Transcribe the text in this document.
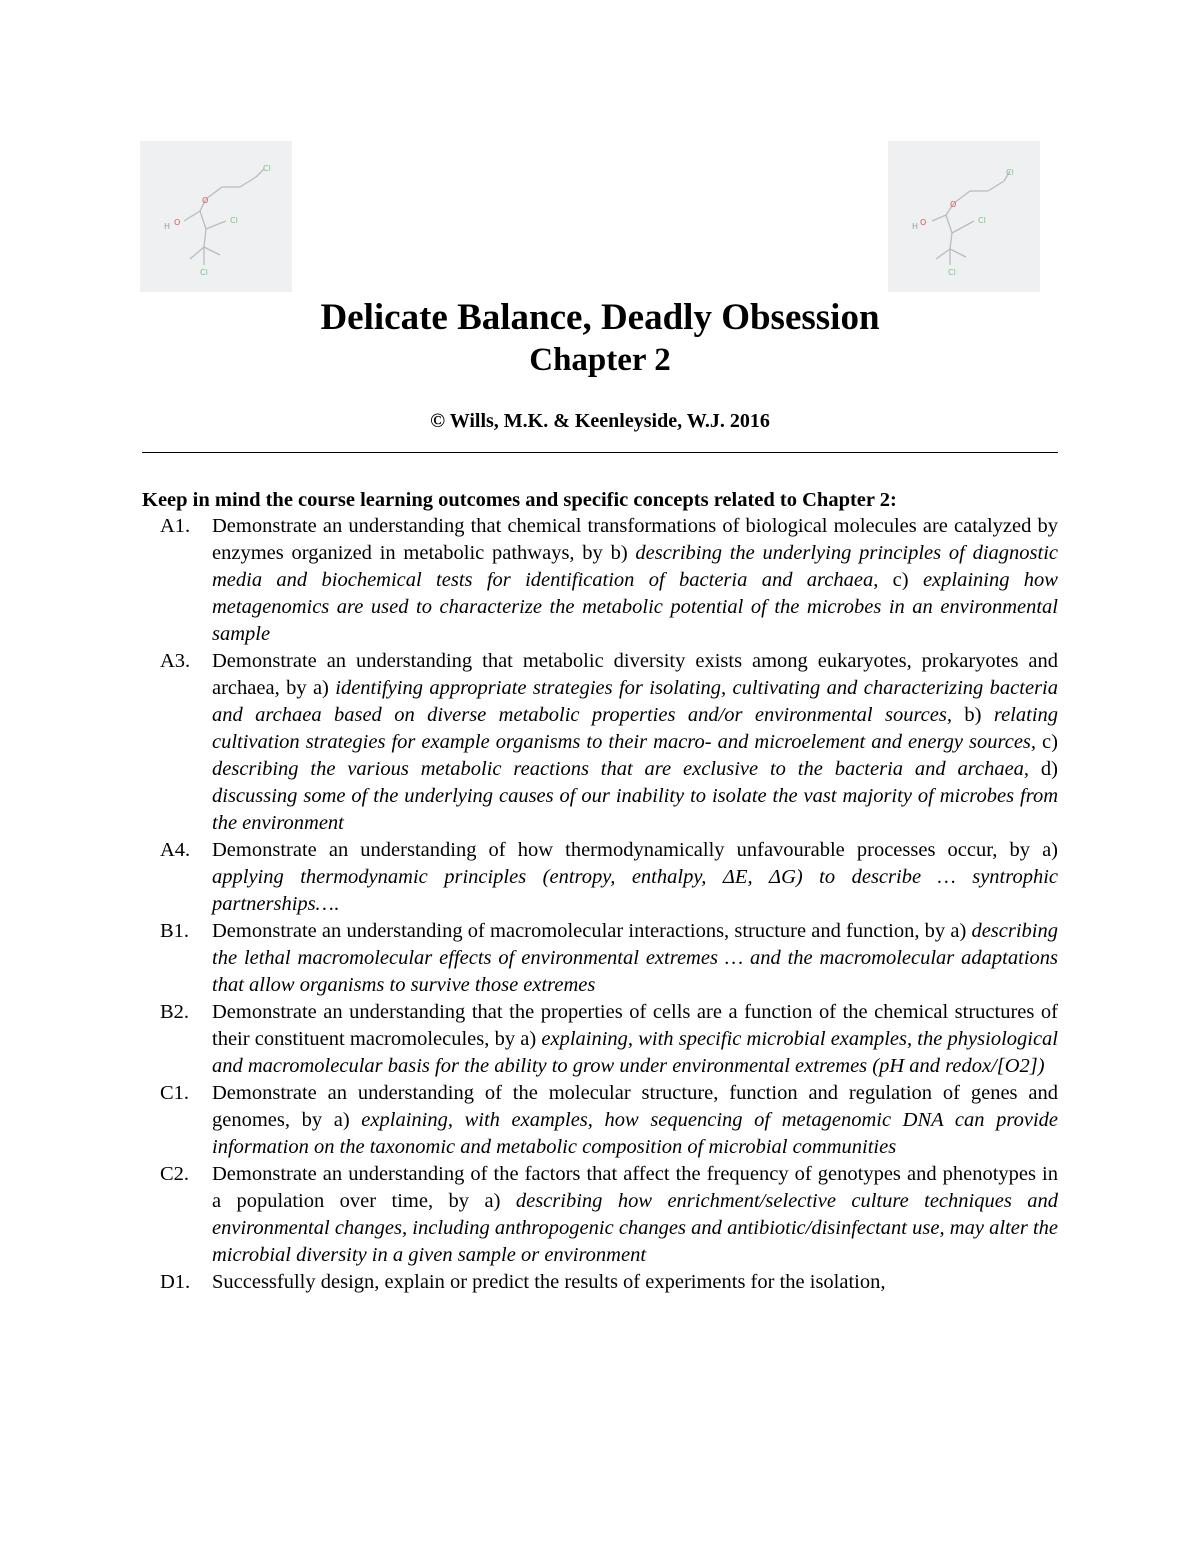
Cl
Cl
Cl
O
O
H
Cl
Cl
Cl
O
O
H
Delicate Balance, Deadly Obsession
Chapter 2
© Wills, M.K. & Keenleyside, W.J. 2016
Keep in mind the course learning outcomes and specific concepts related to Chapter 2:
A1. Demonstrate an understanding that chemical transformations of biological molecules are catalyzed by enzymes organized in metabolic pathways, by b) describing the underlying principles of diagnostic media and biochemical tests for identification of bacteria and archaea, c) explaining how metagenomics are used to characterize the metabolic potential of the microbes in an environmental sample
A3. Demonstrate an understanding that metabolic diversity exists among eukaryotes, prokaryotes and archaea, by a) identifying appropriate strategies for isolating, cultivating and characterizing bacteria and archaea based on diverse metabolic properties and/or environmental sources, b) relating cultivation strategies for example organisms to their macro- and microelement and energy sources, c) describing the various metabolic reactions that are exclusive to the bacteria and archaea, d) discussing some of the underlying causes of our inability to isolate the vast majority of microbes from the environment
A4. Demonstrate an understanding of how thermodynamically unfavourable processes occur, by a) applying thermodynamic principles (entropy, enthalpy, ΔE, ΔG) to describe … syntrophic partnerships….
B1. Demonstrate an understanding of macromolecular interactions, structure and function, by a) describing the lethal macromolecular effects of environmental extremes … and the macromolecular adaptations that allow organisms to survive those extremes
B2. Demonstrate an understanding that the properties of cells are a function of the chemical structures of their constituent macromolecules, by a) explaining, with specific microbial examples, the physiological and macromolecular basis for the ability to grow under environmental extremes (pH and redox/[O2])
C1. Demonstrate an understanding of the molecular structure, function and regulation of genes and genomes, by a) explaining, with examples, how sequencing of metagenomic DNA can provide information on the taxonomic and metabolic composition of microbial communities
C2. Demonstrate an understanding of the factors that affect the frequency of genotypes and phenotypes in a population over time, by a) describing how enrichment/selective culture techniques and environmental changes, including anthropogenic changes and antibiotic/disinfectant use, may alter the microbial diversity in a given sample or environment
D1. Successfully design, explain or predict the results of experiments for the isolation,
